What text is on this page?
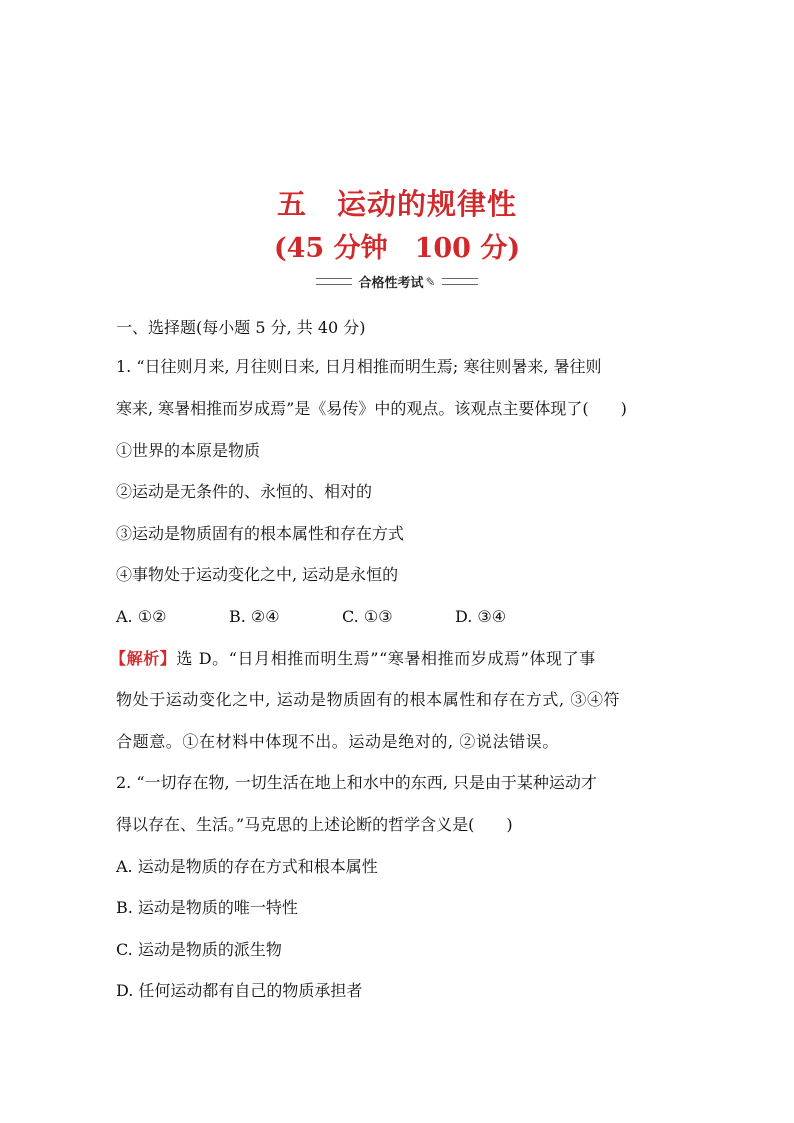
五　运动的规律性
(45 分钟　100 分)
合格性考试 ✎
一、选择题(每小题 5 分, 共 40 分)
1. “日往则月来, 月往则日来, 日月相推而明生焉; 寒往则暑来, 暑往则
寒来, 寒暑相推而岁成焉”是《易传》中的观点。该观点主要体现了(　　)
①世界的本原是物质
②运动是无条件的、永恒的、相对的
③运动是物质固有的根本属性和存在方式
④事物处于运动变化之中, 运动是永恒的
A. ①②	B. ②④	C. ①③	D. ③④
【解析】选 D。“日月相推而明生焉”“寒暑相推而岁成焉”体现了事
物处于运动变化之中, 运动是物质固有的根本属性和存在方式, ③④符
合题意。①在材料中体现不出。运动是绝对的, ②说法错误。
2. “一切存在物, 一切生活在地上和水中的东西, 只是由于某种运动才
得以存在、生活。”马克思的上述论断的哲学含义是(　　)
A. 运动是物质的存在方式和根本属性
B. 运动是物质的唯一特性
C. 运动是物质的派生物
D. 任何运动都有自己的物质承担者
